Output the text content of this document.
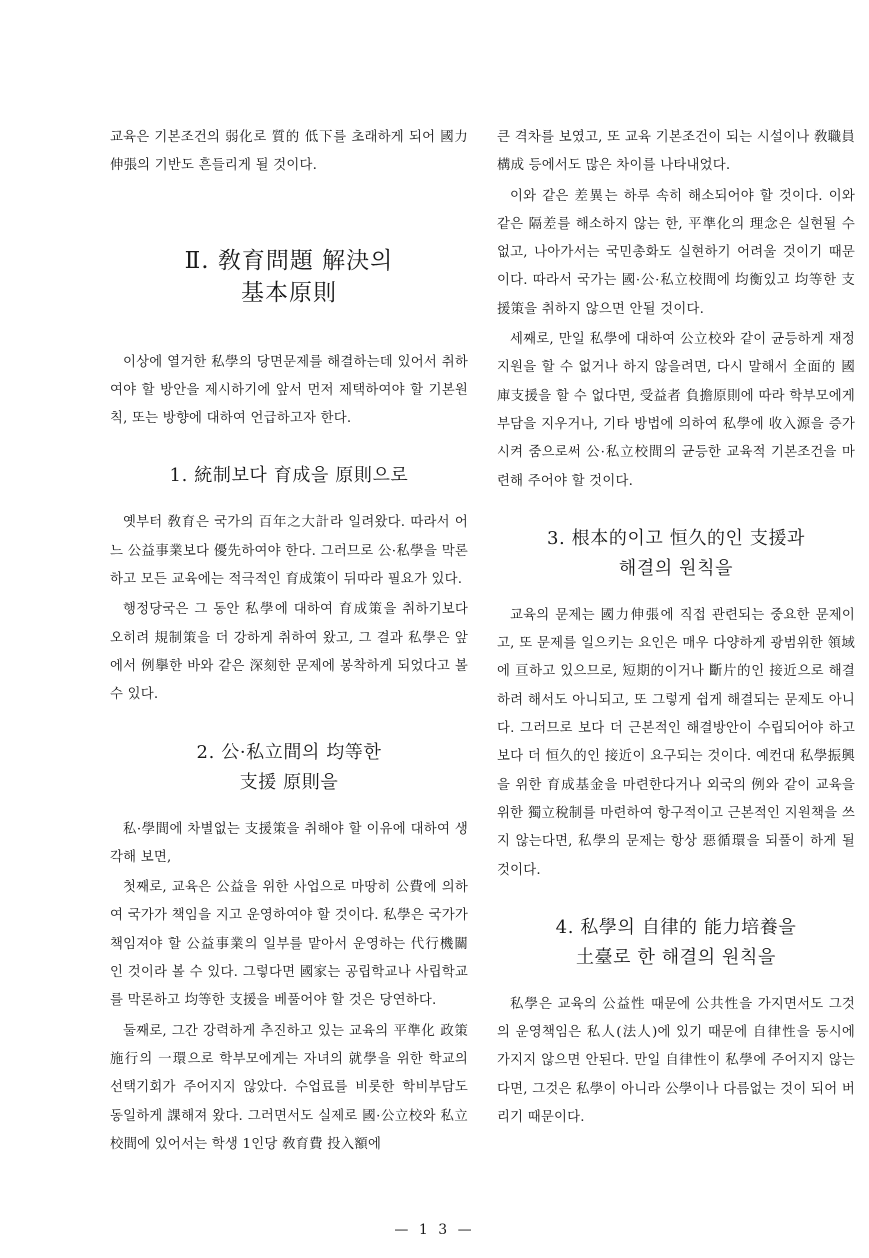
교육은 기본조건의 弱化로 質的 低下를 초래하게 되어 國力伸張의 기반도 흔들리게 될 것이다.

Ⅱ. 敎育問題 解決의
基本原則

이상에 열거한 私學의 당면문제를 해결하는데 있어서 취하여야 할 방안을 제시하기에 앞서 먼저 제택하여야 할 기본원칙, 또는 방향에 대하여 언급하고자 한다.

1. 統制보다 育成을 原則으로

옛부터 敎育은 국가의 百年之大計라 일려왔다. 따라서 어느 公益事業보다 優先하여야 한다. 그러므로 公·私學을 막론하고 모든 교육에는 적극적인 育成策이 뒤따라 필요가 있다.

행정당국은 그 동안 私學에 대하여 育成策을 취하기보다 오히려 規制策을 더 강하게 취하여 왔고, 그 결과 私學은 앞에서 例擧한 바와 같은 深刻한 문제에 봉착하게 되었다고 볼 수 있다.

2. 公·私立間의 均等한
支援 原則을

私·學間에 차별없는 支援策을 취해야 할 이유에 대하여 생각해 보면,

첫째로, 교육은 公益을 위한 사업으로 마땅히 公費에 의하여 국가가 책임을 지고 운영하여야 할 것이다. 私學은 국가가 책임져야 할 公益事業의 일부를 맡아서 운영하는 代行機關인 것이라 볼 수 있다. 그렇다면 國家는 공립학교나 사립학교를 막론하고 均等한 支援을 베풀어야 할 것은 당연하다.

둘째로, 그간 강력하게 추진하고 있는 교육의 平準化 政策施行의 一環으로 학부모에게는 자녀의 就學을 위한 학교의 선택기회가 주어지지 않았다. 수업료를 비롯한 학비부담도 동일하게 課해져 왔다. 그러면서도 실제로 國·公立校와 私立校間에 있어서는 학생 1인당 敎育費 投入額에

큰 격차를 보였고, 또 교육 기본조건이 되는 시설이나 敎職員 構成 등에서도 많은 차이를 나타내었다.

이와 같은 差異는 하루 속히 해소되어야 할 것이다. 이와 같은 隔差를 해소하지 않는 한, 平準化의 理念은 실현될 수 없고, 나아가서는 국민총화도 실현하기 어려울 것이기 때문이다. 따라서 국가는 國·公·私立校間에 均衡있고 均等한 支援策을 취하지 않으면 안될 것이다.

세째로, 만일 私學에 대하여 公立校와 같이 균등하게 재정지원을 할 수 없거나 하지 않을려면, 다시 말해서 全面的 國庫支援을 할 수 없다면, 受益者 負擔原則에 따라 학부모에게 부담을 지우거나, 기타 방법에 의하여 私學에 收入源을 증가시켜 줌으로써 公·私立校間의 균등한 교육적 기본조건을 마련해 주어야 할 것이다.

3. 根本的이고 恒久的인 支援과
해결의 원칙을

교육의 문제는 國力伸張에 직접 관련되는 중요한 문제이고, 또 문제를 일으키는 요인은 매우 다양하게 광범위한 領域에 亘하고 있으므로, 短期的이거나 斷片的인 接近으로 해결하려 해서도 아니되고, 또 그렇게 쉽게 해결되는 문제도 아니다. 그러므로 보다 더 근본적인 해결방안이 수립되어야 하고 보다 더 恒久的인 接近이 요구되는 것이다. 예컨대 私學振興을 위한 育成基金을 마련한다거나 외국의 例와 같이 교육을 위한 獨立稅制를 마련하여 항구적이고 근본적인 지원책을 쓰지 않는다면, 私學의 문제는 항상 惡循環을 되풀이 하게 될 것이다.

4. 私學의 自律的 能力培養을
土臺로 한 해결의 원칙을

私學은 교육의 公益性 때문에 公共性을 가지면서도 그것의 운영책임은 私人(法人)에 있기 때문에 自律性을 동시에 가지지 않으면 안된다. 만일 自律性이 私學에 주어지지 않는다면, 그것은 私學이 아니라 公學이나 다름없는 것이 되어 버리기 때문이다.

— 1 3 —
